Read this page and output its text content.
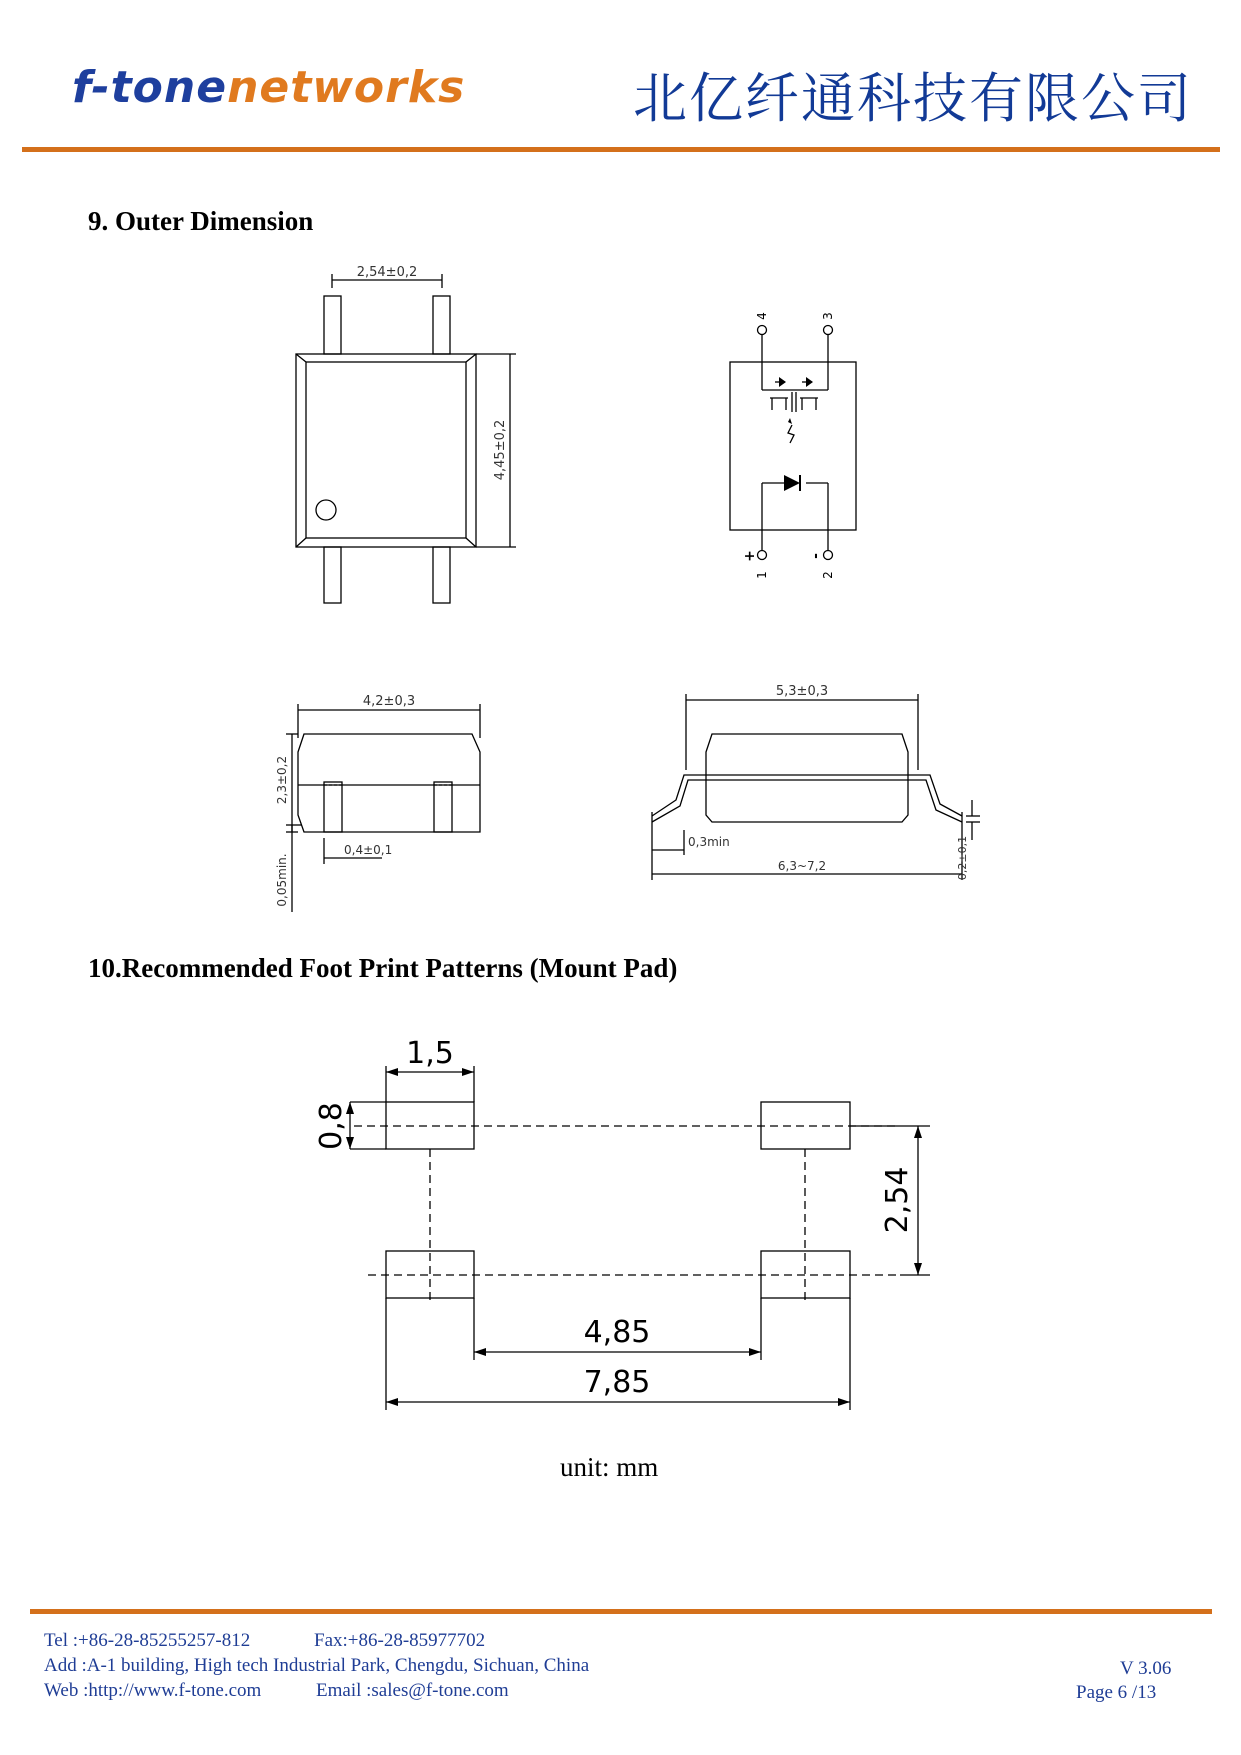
f-tonenetworks	北亿纤通科技有限公司
9. Outer Dimension
2,54±0,2
4,45±0,2
4	3
1	2
+	-
4,2±0,3
2,3±0,2
0,4±0,1
0,05min.
5,3±0,3
0,3min
6,3~7,2	0,2±0,1
10.Recommended Foot Print Patterns (Mount Pad)
1,5
0,8
2,54
4,85
7,85
unit: mm
Tel :+86-28-85255257-812	Fax:+86-28-85977702
Add :A-1 building, High tech Industrial Park, Chengdu, Sichuan, China
Web :http://www.f-tone.com	Email :sales@f-tone.com
V 3.06
Page 6 /13
